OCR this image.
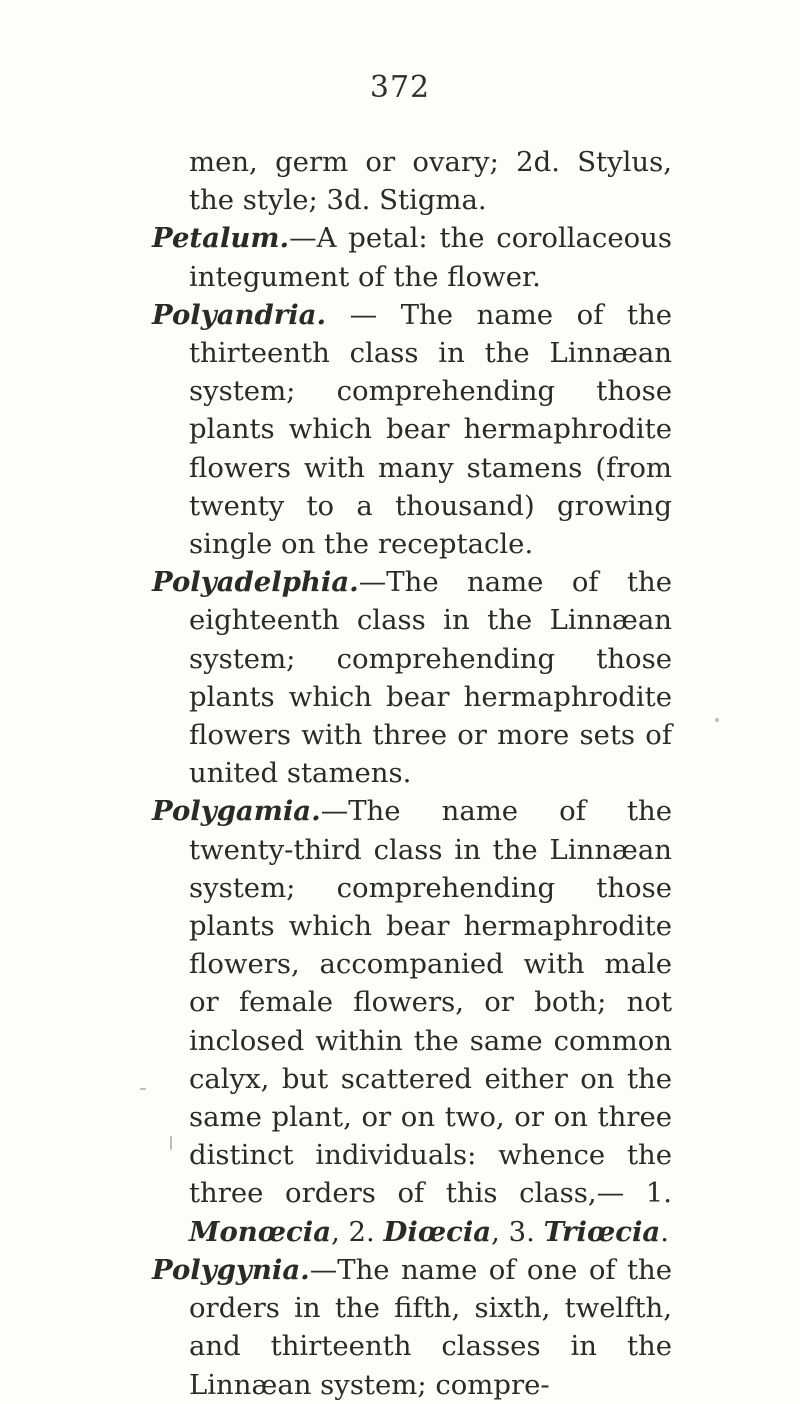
372

men, germ or ovary; 2d. Stylus, the style; 3d. Stigma.

Petalum.—A petal: the corollaceous integument of the flower.

Polyandria. — The name of the thirteenth class in the Linnæan system; comprehending those plants which bear hermaphrodite flowers with many stamens (from twenty to a thousand) growing single on the receptacle.

Polyadelphia.—The name of the eighteenth class in the Linnæan system; comprehending those plants which bear hermaphrodite flowers with three or more sets of united stamens.

Polygamia.—The name of the twenty-third class in the Linnæan system; comprehending those plants which bear hermaphrodite flowers, accompanied with male or female flowers, or both; not inclosed within the same common calyx, but scattered either on the same plant, or on two, or on three distinct individuals: whence the three orders of this class,— 1. Monœcia, 2. Diœcia, 3. Triœcia.

Polygynia.—The name of one of the orders in the fifth, sixth, twelfth, and thirteenth classes in the Linnæan system; compre-
